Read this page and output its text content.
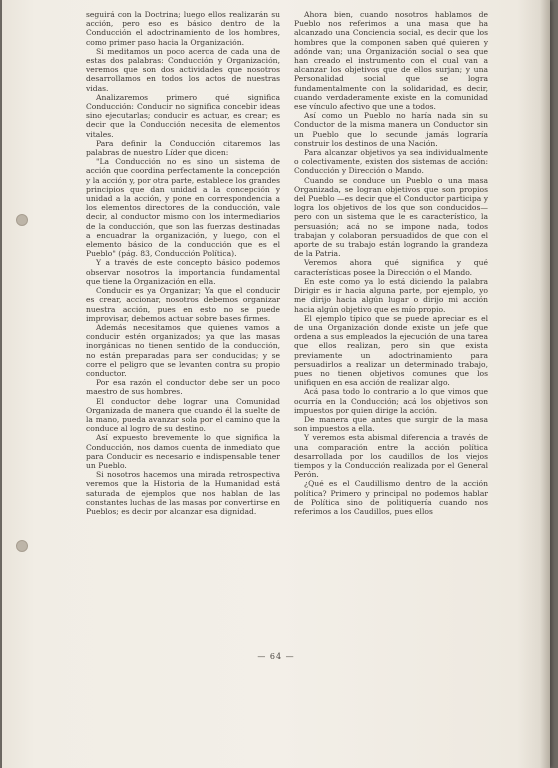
seguirá con la Doctrina; luego ellos realizarán su acción, pero eso es básico dentro de la Conducción el adoctrinamiento de los hombres, como primer paso hacia la Organización.

Si meditamos un poco acerca de cada una de estas dos palabras: Conducción y Organización, veremos que son dos actividades que nosotros desarrollamos en todos los actos de nuestras vidas.

Analizaremos primero qué significa Conducción: Conducir no significa concebir ideas sino ejecutarlas; conducir es actuar, es crear; es decir que la Conducción necesita de elementos vitales.

Para definir la Conducción citaremos las palabras de nuestro Líder que dicen:

"La Conducción no es sino un sistema de acción que coordina perfectamente la concepción y la acción y, por otra parte, establece los grandes principios que dan unidad a la concepción y unidad a la acción, y pone en correspondencia a los elementos directores de la conducción, vale decir, al conductor mismo con los intermediarios de la conducción, que son las fuerzas destinadas a encuadrar la organización, y luego, con el elemento básico de la conducción que es el Pueblo" (pág. 83, Conducción Política).

Y a través de este concepto básico podemos observar nosotros la importancia fundamental que tiene la Organización en ella.

Conducir es ya Organizar; Ya que el conducir es crear, accionar, nosotros debemos organizar nuestra acción, pues en esto no se puede improvisar, debemos actuar sobre bases firmes.

Además necesitamos que quienes vamos a conducir estén organizados; ya que las masas inorgánicas no tienen sentido de la conducción, no están preparadas para ser conducidas; y se corre el peligro que se levanten contra su propio conductor.

Por esa razón el conductor debe ser un poco maestro de sus hombres.

El conductor debe lograr una Comunidad Organizada de manera que cuando él la suelte de la mano, pueda avanzar sola por el camino que la conduce al logro de su destino.

Así expuesto brevemente lo que significa la Conducción, nos damos cuenta de inmediato que para Conducir es necesario e indispensable tener un Pueblo.

Si nosotros hacemos una mirada retrospectiva veremos que la Historia de la Humanidad está saturada de ejemplos que nos hablan de las constantes luchas de las masas por convertirse en Pueblos; es decir por alcanzar esa dignidad.

Ahora bien, cuando nosotros hablamos de Pueblo nos referimos a una masa que ha alcanzado una Conciencia social, es decir que los hombres que la componen saben qué quieren y adónde van; una Organización social o sea que han creado el instrumento con el cual van a alcanzar los objetivos que de ellos surjan; y una Personalidad social que se logra fundamentalmente con la solidaridad, es decir, cuando verdaderamente existe en la comunidad ese vínculo afectivo que une a todos.

Así como un Pueblo no haría nada sin su Conductor de la misma manera un Conductor sin un Pueblo que lo secunde jamás lograría construir los destinos de una Nación.

Para alcanzar objetivos ya sea individualmente o colectivamente, existen dos sistemas de acción: Conducción y Dirección o Mando.

Cuando se conduce un Pueblo o una masa Organizada, se logran objetivos que son propios del Pueblo —es decir que el Conductor participa y logra los objetivos de los que son conducidos— pero con un sistema que le es característico, la persuasión; acá no se impone nada, todos trabajan y colaboran persuadidos de que con el aporte de su trabajo están logrando la grandeza de la Patria.

Veremos ahora qué significa y qué características posee la Dirección o el Mando.

En este como ya lo está diciendo la palabra Dirigir es ir hacia alguna parte, por ejemplo, yo me dirijo hacia algún lugar o dirijo mi acción hacia algún objetivo que es mío propio.

El ejemplo típico que se puede apreciar es el de una Organización donde existe un jefe que ordena a sus empleados la ejecución de una tarea que ellos realizan, pero sin que exista previamente un adoctrinamiento para persuadirlos a realizar un determinado trabajo, pues no tienen objetivos comunes que los unifiquen en esa acción de realizar algo.

Acá pasa todo lo contrario a lo que vimos que ocurría en la Conducción; acá los objetivos son impuestos por quien dirige la acción.

De manera que antes que surgir de la masa son impuestos a ella.

Y veremos esta abismal diferencia a través de una comparación entre la acción política desarrollada por los caudillos de los viejos tiempos y la Conducción realizada por el General Perón.

¿Qué es el Caudillismo dentro de la acción política? Primero y principal no podemos hablar de Política sino de politiquería cuando nos referimos a los Caudillos, pues ellos

— 64 —
